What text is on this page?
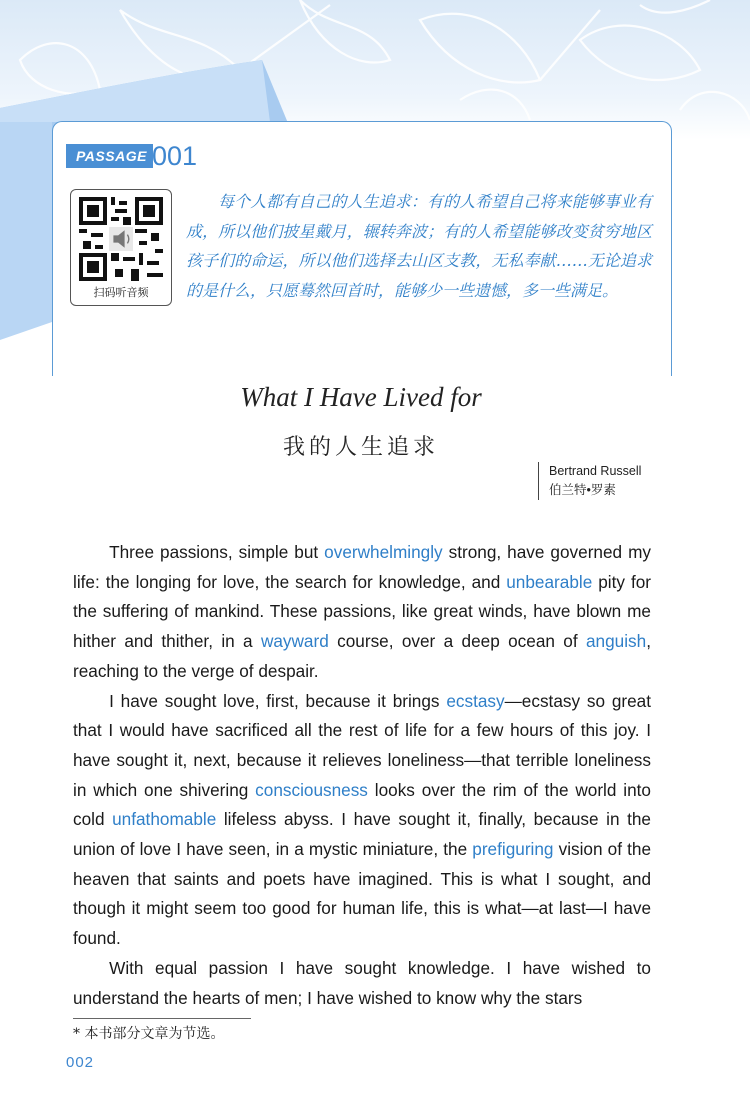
PASSAGE 001
扫码听音频

每个人都有自己的人生追求：有的人希望自己将来能够事业有成，所以他们披星戴月，辗转奔波；有的人希望能够改变贫穷地区孩子们的命运，所以他们选择去山区支教，无私奉献……无论追求的是什么，只愿蓦然回首时，能够少一些遗憾，多一些满足。

What I Have Lived for
我的人生追求
Bertrand Russell
伯兰特•罗素

Three passions, simple but overwhelmingly strong, have governed my life: the longing for love, the search for knowledge, and unbearable pity for the suffering of mankind. These passions, like great winds, have blown me hither and thither, in a wayward course, over a deep ocean of anguish, reaching to the verge of despair.

I have sought love, first, because it brings ecstasy—ecstasy so great that I would have sacrificed all the rest of life for a few hours of this joy. I have sought it, next, because it relieves loneliness—that terrible loneliness in which one shivering consciousness looks over the rim of the world into cold unfathomable lifeless abyss. I have sought it, finally, because in the union of love I have seen, in a mystic miniature, the prefiguring vision of the heaven that saints and poets have imagined. This is what I sought, and though it might seem too good for human life, this is what—at last—I have found.

With equal passion I have sought knowledge. I have wished to understand the hearts of men; I have wished to know why the stars

* 本书部分文章为节选。
002
